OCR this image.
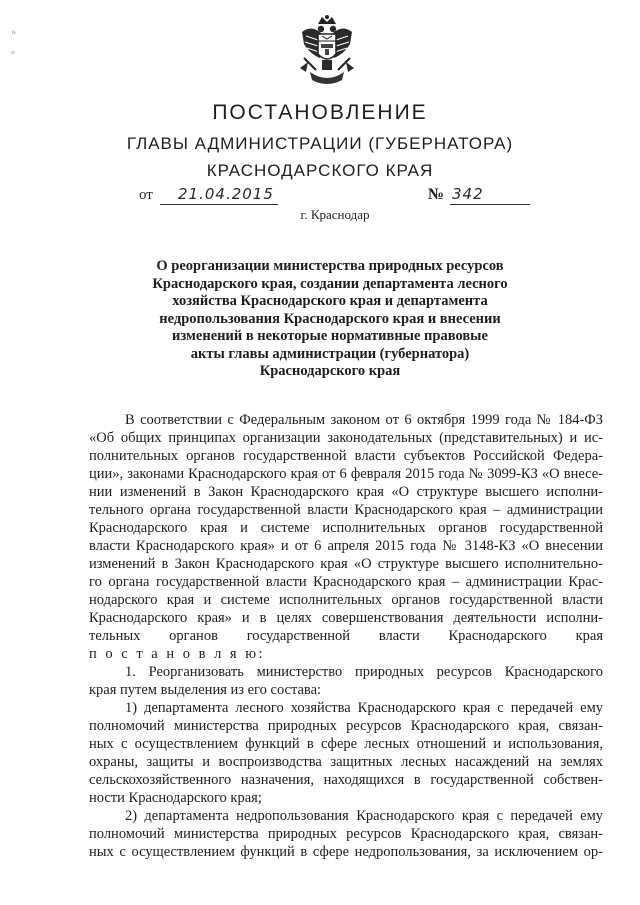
»
°
ПОСТАНОВЛЕНИЕ
ГЛАВЫ АДМИНИСТРАЦИИ (ГУБЕРНАТОРА)
КРАСНОДАРСКОГО КРАЯ
от 21.04.2015	№ 342
г. Краснодар
О реорганизации министерства природных ресурсов
Краснодарского края, создании департамента лесного
хозяйства Краснодарского края и департамента
недропользования Краснодарского края и внесении
изменений в некоторые нормативные правовые
акты главы администрации (губернатора)
Краснодарского края
В соответствии с Федеральным законом от 6 октября 1999 года № 184-ФЗ
«Об общих принципах организации законодательных (представительных) и ис-
полнительных органов государственной власти субъектов Российской Федера-
ции», законами Краснодарского края от 6 февраля 2015 года № 3099-КЗ «О внесе-
нии изменений в Закон Краснодарского края «О структуре высшего исполни-
тельного органа государственной власти Краснодарского края – администрации
Краснодарского края и системе исполнительных органов государственной
власти Краснодарского края» и от 6 апреля 2015 года № 3148-КЗ «О внесении
изменений в Закон Краснодарского края «О структуре высшего исполнительно-
го органа государственной власти Краснодарского края – администрации Крас-
нодарского края и системе исполнительных органов государственной власти
Краснодарского края» и в целях совершенствования деятельности исполни-
тельных органов государственной власти Краснодарского края
п о с т а н о в л я ю:
1. Реорганизовать министерство природных ресурсов Краснодарского
края путем выделения из его состава:
1) департамента лесного хозяйства Краснодарского края с передачей ему
полномочий министерства природных ресурсов Краснодарского края, связан-
ных с осуществлением функций в сфере лесных отношений и использования,
охраны, защиты и воспроизводства защитных лесных насаждений на землях
сельскохозяйственного назначения, находящихся в государственной собствен-
ности Краснодарского края;
2) департамента недропользования Краснодарского края с передачей ему
полномочий министерства природных ресурсов Краснодарского края, связан-
ных с осуществлением функций в сфере недропользования, за исключением ор-
